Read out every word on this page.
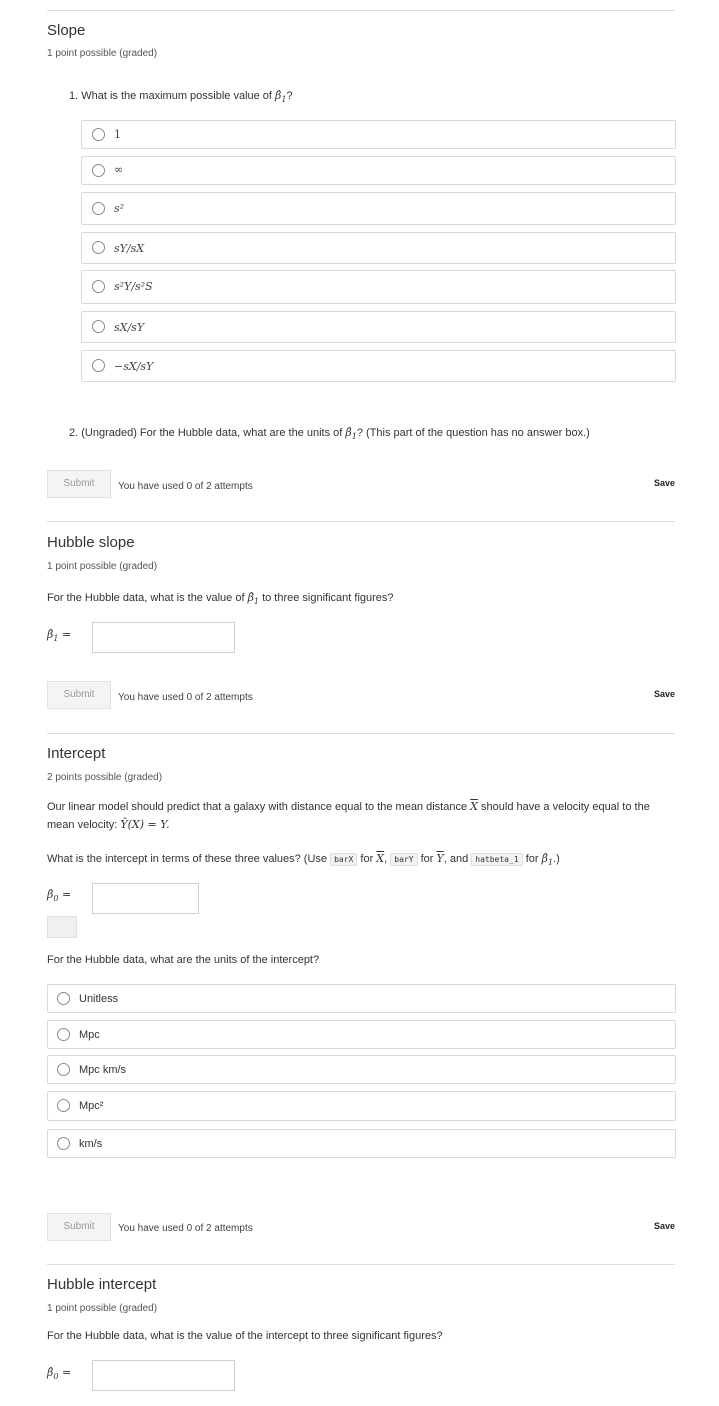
Slope
1 point possible (graded)
1. What is the maximum possible value of $\betâ_1$?
1
∞
s²
sY/sX
s²Y/s²S
sX/sY
−sX/sY
2. (Ungraded) For the Hubble data, what are the units of $\betâ_1$? (This part of the question has no answer box.)
Submit	You have used 0 of 2 attempts	Save
Hubble slope
1 point possible (graded)
For the Hubble data, what is the value of $\betâ_1$ to three significant figures?
$\betâ_1$ =
Submit	You have used 0 of 2 attempts	Save
Intercept
2 points possible (graded)
Our linear model should predict that a galaxy with distance equal to the mean distance $\overline{X}$ should have a velocity equal to the
mean velocity: Ŷ(X) = Y.
What is the intercept in terms of these three values? (Use barX for $\overline{X}$, barY for $\overline{Y}$, and hatbeta_1 for $\betâ_1$.)
$\betâ_0$ =
For the Hubble data, what are the units of the intercept?
Unitless
Mpc
Mpc km/s
Mpc²
km/s
Submit	You have used 0 of 2 attempts	Save
Hubble intercept
1 point possible (graded)
For the Hubble data, what is the value of the intercept to three significant figures?
$\betâ_0$ =
